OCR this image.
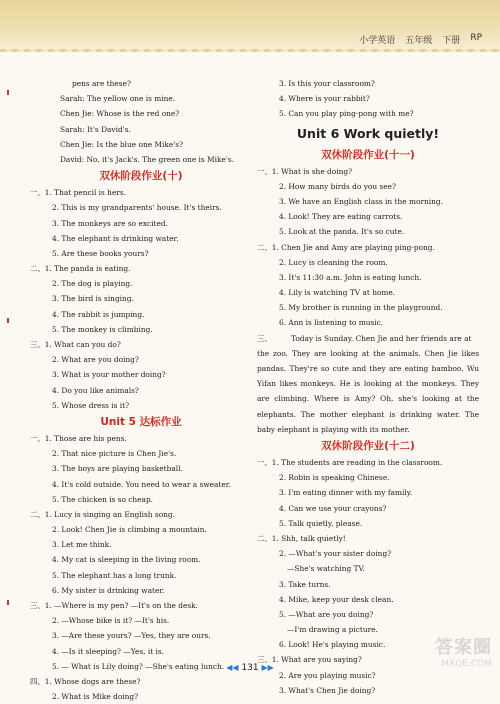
小学英语 五年级 下册 RP
pens are these?
Sarah: The yellow one is mine.
Chen Jie: Whose is the red one?
Sarah: It's David's.
Chen Jie: Is the blue one Mike's?
David: No, it's Jack's. The green one is Mike's.
双休阶段作业(十)
一、1. That pencil is hers.
2. This is my grandparents' house. It's theirs.
3. The monkeys are so excited.
4. The elephant is drinking water.
5. Are these books yours?
二、1. The panda is eating.
2. The dog is playing.
3. The bird is singing.
4. The rabbit is jumping.
5. The monkey is climbing.
三、1. What can you do?
2. What are you doing?
3. What is your mother doing?
4. Do you like animals?
5. Whose dress is it?
Unit 5 达标作业
一、1. Those are his pens.
2. That nice picture is Chen Jie's.
3. The boys are playing basketball.
4. It's cold outside. You need to wear a sweater.
5. The chicken is so cheap.
二、1. Lucy is singing an English song.
2. Look! Chen Jie is climbing a mountain.
3. Let me think.
4. My cat is sleeping in the living room.
5. The elephant has a long trunk.
6. My sister is drinking water.
三、1. —Where is my pen? —It's on the desk.
2. —Whose bike is it? —It's his.
3. —Are these yours? —Yes, they are ours.
4. —Is it sleeping? —Yes, it is.
5. — What is Lily doing? —She's eating lunch.
四、1. Whose dogs are these?
2. What is Mike doing?
3. Is this your classroom?
4. Where is your rabbit?
5. Can you play ping-pong with me?
Unit 6 Work quietly!
双休阶段作业(十一)
一、1. What is she doing?
2. How many birds do you see?
3. We have an English class in the morning.
4. Look! They are eating carrots.
5. Look at the panda. It's so cute.
二、1. Chen Jie and Amy are playing ping-pong.
2. Lucy is cleaning the room.
3. It's 11:30 a.m. John is eating lunch.
4. Lily is watching TV at home.
5. My brother is running in the playground.
6. Ann is listening to music.
三、	Today is Sunday. Chen Jie and her friends are at
the zoo. They are looking at the animals. Chen Jie likes pandas. They're so cute and they are eating bamboo. Wu Yifan likes monkeys. He is looking at the monkeys. They are climbing. Where is Amy? Oh, she's looking at the elephants. The mother elephant is drinking water. The baby elephant is playing with its mother.
双休阶段作业(十二)
一、1. The students are reading in the classroom.
2. Robin is speaking Chinese.
3. I'm eating dinner with my family.
4. Can we use your crayons?
5. Talk quietly, please.
二、1. Shh, talk quietly!
2. —What's your sister doing?
—She's watching TV.
3. Take turns.
4. Mike, keep your desk clean.
5. —What are you doing?
—I'm drawing a picture.
6. Look! He's playing music.
三、1. What are you saying?
2. Are you playing music?
3. What's Chen Jie doing?
◀◀ 131 ▶▶
答案圈
MXQE.COM
